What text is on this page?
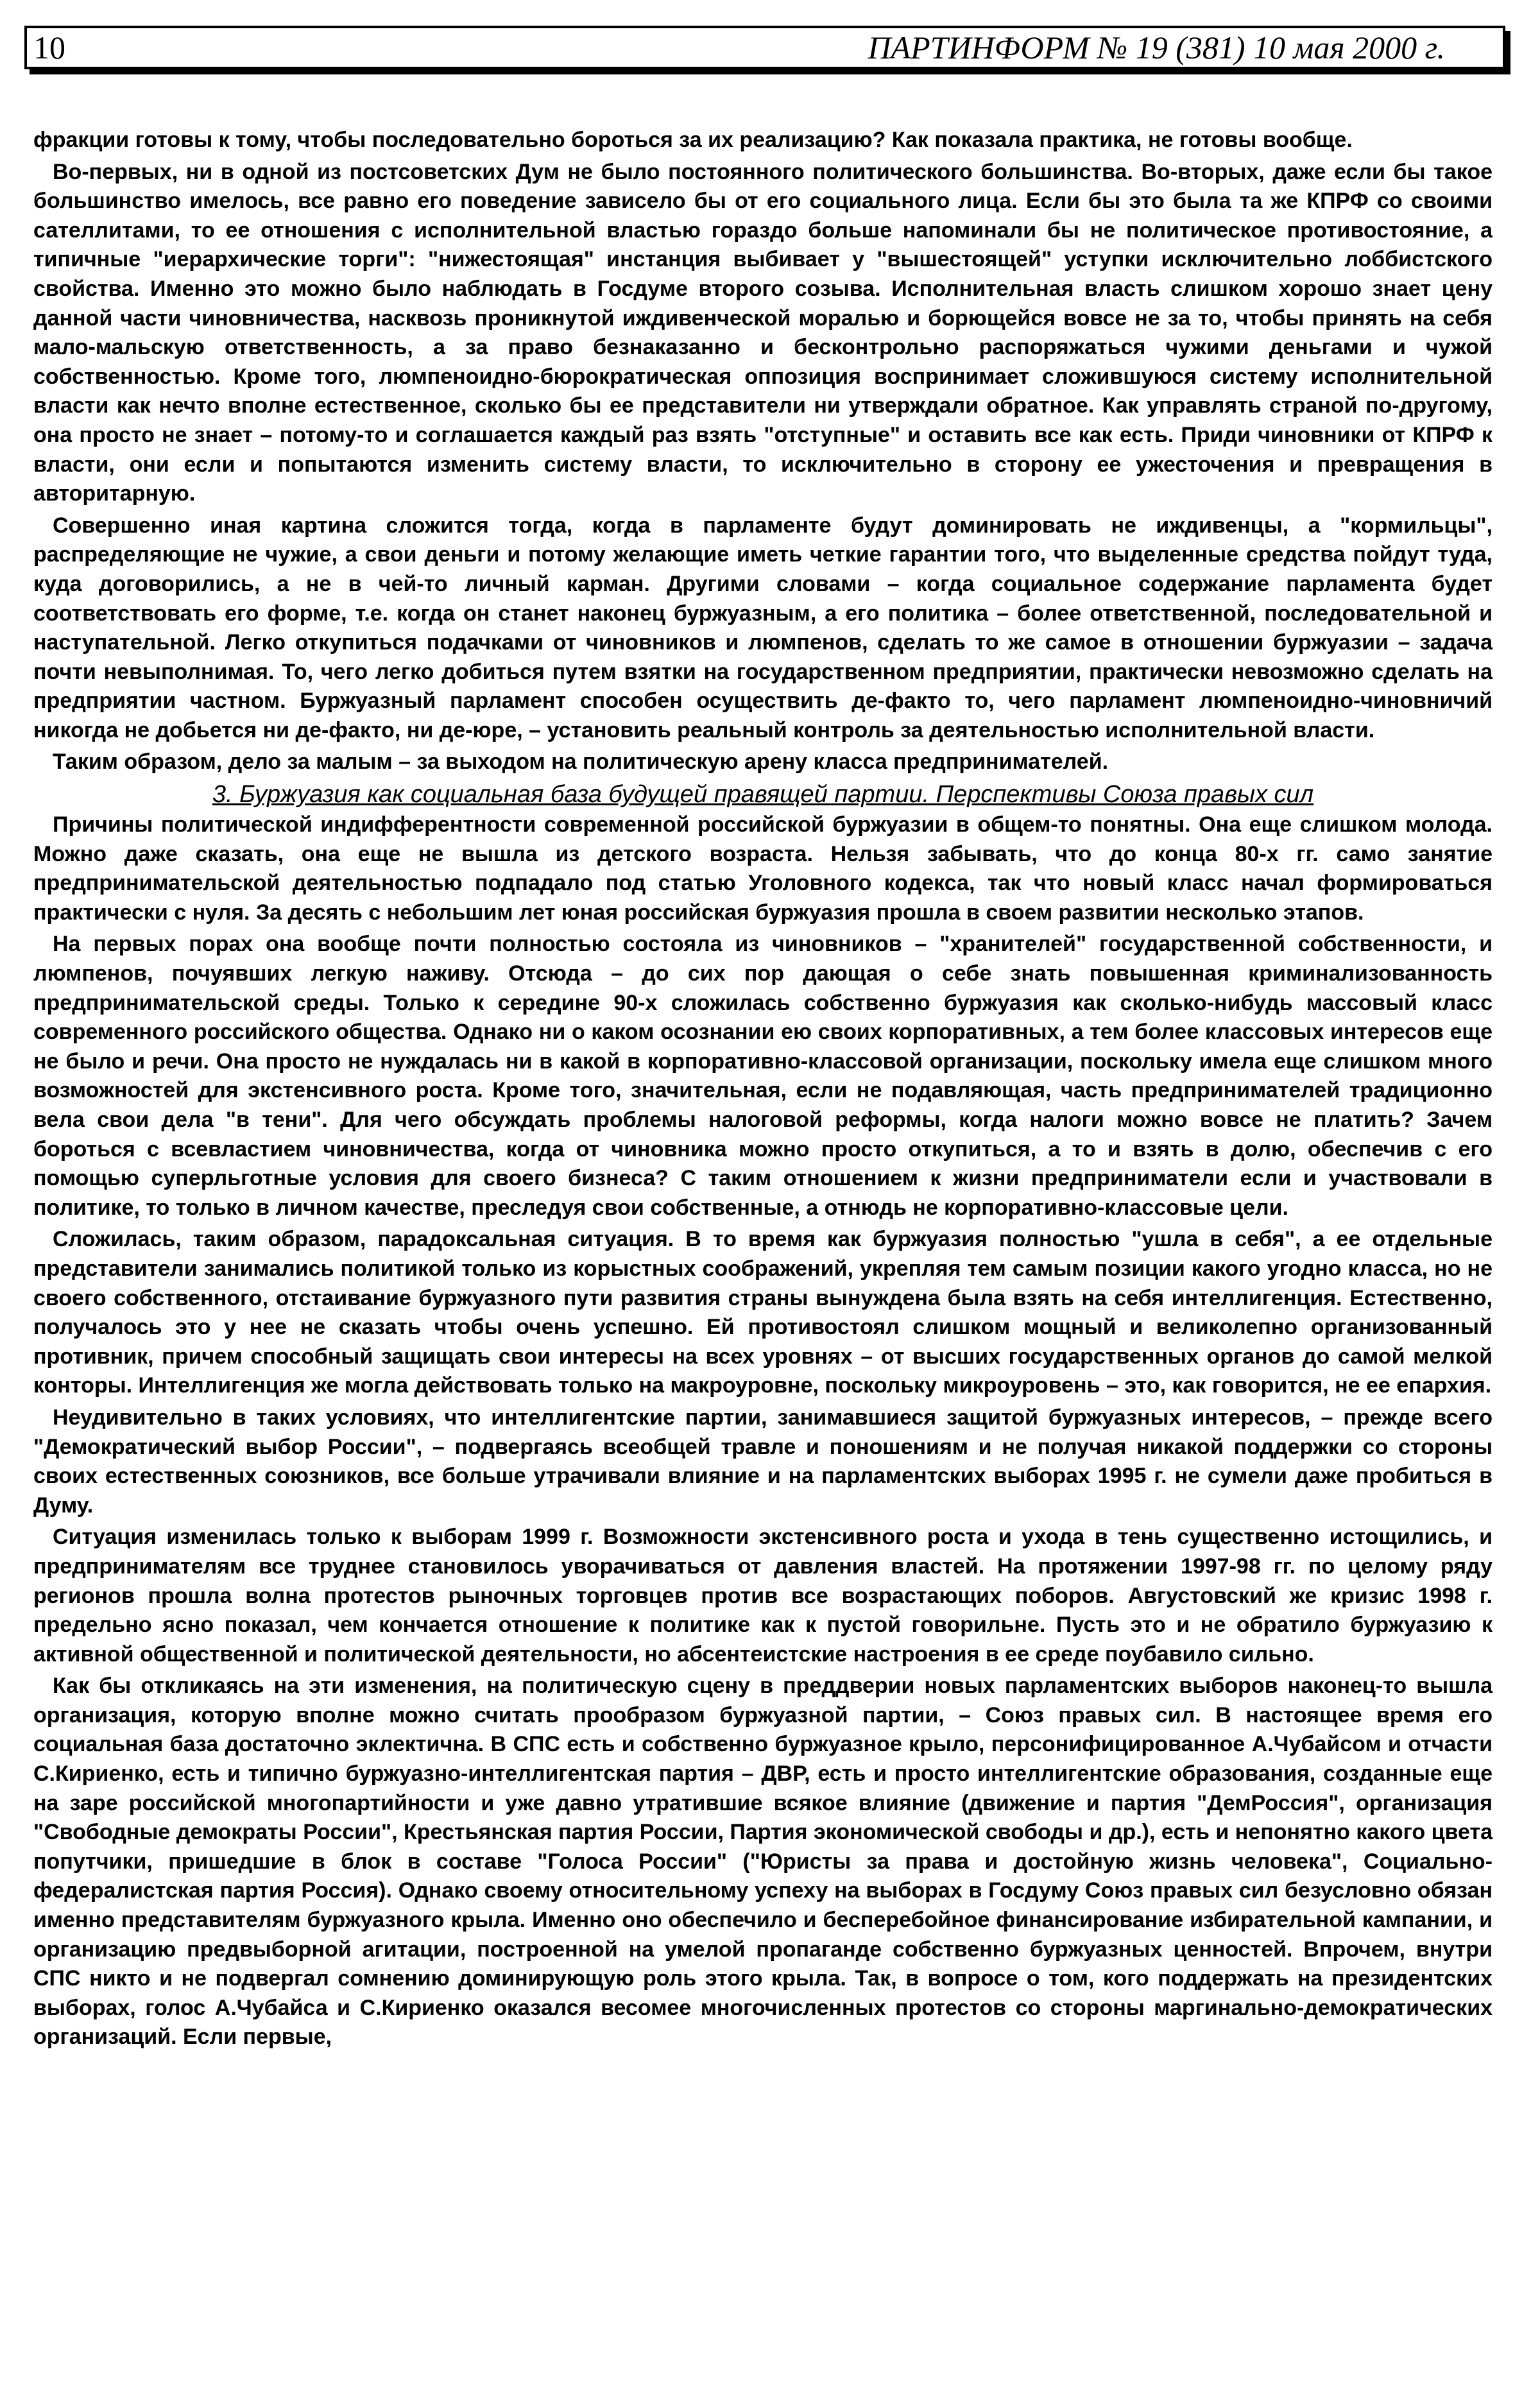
10	ПАРТИНФОРМ № 19 (381) 10 мая 2000 г.

фракции готовы к тому, чтобы последовательно бороться за их реализацию? Как показала практика, не готовы вообще.

Во-первых, ни в одной из постсоветских Дум не было постоянного политического большинства. Во-вторых, даже если бы такое большинство имелось, все равно его поведение зависело бы от его социального лица. Если бы это была та же КПРФ со своими сателлитами, то ее отношения с исполнительной властью гораздо больше напоминали бы не политическое противостояние, а типичные "иерархические торги": "нижестоящая" инстанция выбивает у "вышестоящей" уступки исключительно лоббистского свойства. Именно это можно было наблюдать в Госдуме второго созыва. Исполнительная власть слишком хорошо знает цену данной части чиновничества, насквозь проникнутой иждивенческой моралью и борющейся вовсе не за то, чтобы принять на себя мало-мальскую ответственность, а за право безнаказанно и бесконтрольно распоряжаться чужими деньгами и чужой собственностью. Кроме того, люмпеноидно-бюрократическая оппозиция воспринимает сложившуюся систему исполнительной власти как нечто вполне естественное, сколько бы ее представители ни утверждали обратное. Как управлять страной по-другому, она просто не знает – потому-то и соглашается каждый раз взять "отступные" и оставить все как есть. Приди чиновники от КПРФ к власти, они если и попытаются изменить систему власти, то исключительно в сторону ее ужесточения и превращения в авторитарную.

Совершенно иная картина сложится тогда, когда в парламенте будут доминировать не иждивенцы, а "кормильцы", распределяющие не чужие, а свои деньги и потому желающие иметь четкие гарантии того, что выделенные средства пойдут туда, куда договорились, а не в чей-то личный карман. Другими словами – когда социальное содержание парламента будет соответствовать его форме, т.е. когда он станет наконец буржуазным, а его политика – более ответственной, последовательной и наступательной. Легко откупиться подачками от чиновников и люмпенов, сделать то же самое в отношении буржуазии – задача почти невыполнимая. То, чего легко добиться путем взятки на государственном предприятии, практически невозможно сделать на предприятии частном. Буржуазный парламент способен осуществить де-факто то, чего парламент люмпеноидно-чиновничий никогда не добьется ни де-факто, ни де-юре, – установить реальный контроль за деятельностью исполнительной власти.

Таким образом, дело за малым – за выходом на политическую арену класса предпринимателей.

3. Буржуазия как социальная база будущей правящей партии. Перспективы Союза правых сил

Причины политической индифферентности современной российской буржуазии в общем-то понятны. Она еще слишком молода. Можно даже сказать, она еще не вышла из детского возраста. Нельзя забывать, что до конца 80-х гг. само занятие предпринимательской деятельностью подпадало под статью Уголовного кодекса, так что новый класс начал формироваться практически с нуля. За десять с небольшим лет юная российская буржуазия прошла в своем развитии несколько этапов.

На первых порах она вообще почти полностью состояла из чиновников – "хранителей" государственной собственности, и люмпенов, почуявших легкую наживу. Отсюда – до сих пор дающая о себе знать повышенная криминализованность предпринимательской среды. Только к середине 90-х сложилась собственно буржуазия как сколько-нибудь массовый класс современного российского общества. Однако ни о каком осознании ею своих корпоративных, а тем более классовых интересов еще не было и речи. Она просто не нуждалась ни в какой в корпоративно-классовой организации, поскольку имела еще слишком много возможностей для экстенсивного роста. Кроме того, значительная, если не подавляющая, часть предпринимателей традиционно вела свои дела "в тени". Для чего обсуждать проблемы налоговой реформы, когда налоги можно вовсе не платить? Зачем бороться с всевластием чиновничества, когда от чиновника можно просто откупиться, а то и взять в долю, обеспечив с его помощью суперльготные условия для своего бизнеса? С таким отношением к жизни предприниматели если и участвовали в политике, то только в личном качестве, преследуя свои собственные, а отнюдь не корпоративно-классовые цели.

Сложилась, таким образом, парадоксальная ситуация. В то время как буржуазия полностью "ушла в себя", а ее отдельные представители занимались политикой только из корыстных соображений, укрепляя тем самым позиции какого угодно класса, но не своего собственного, отстаивание буржуазного пути развития страны вынуждена была взять на себя интеллигенция. Естественно, получалось это у нее не сказать чтобы очень успешно. Ей противостоял слишком мощный и великолепно организованный противник, причем способный защищать свои интересы на всех уровнях – от высших государственных органов до самой мелкой конторы. Интеллигенция же могла действовать только на макроуровне, поскольку микроуровень – это, как говорится, не ее епархия.

Неудивительно в таких условиях, что интеллигентские партии, занимавшиеся защитой буржуазных интересов, – прежде всего "Демократический выбор России", – подвергаясь всеобщей травле и поношениям и не получая никакой поддержки со стороны своих естественных союзников, все больше утрачивали влияние и на парламентских выборах 1995 г. не сумели даже пробиться в Думу.

Ситуация изменилась только к выборам 1999 г. Возможности экстенсивного роста и ухода в тень существенно истощились, и предпринимателям все труднее становилось уворачиваться от давления властей. На протяжении 1997-98 гг. по целому ряду регионов прошла волна протестов рыночных торговцев против все возрастающих поборов. Августовский же кризис 1998 г. предельно ясно показал, чем кончается отношение к политике как к пустой говорильне. Пусть это и не обратило буржуазию к активной общественной и политической деятельности, но абсентеистские настроения в ее среде поубавило сильно.

Как бы откликаясь на эти изменения, на политическую сцену в преддверии новых парламентских выборов наконец-то вышла организация, которую вполне можно считать прообразом буржуазной партии, – Союз правых сил. В настоящее время его социальная база достаточно эклектична. В СПС есть и собственно буржуазное крыло, персонифицированное А.Чубайсом и отчасти С.Кириенко, есть и типично буржуазно-интеллигентская партия – ДВР, есть и просто интеллигентские образования, созданные еще на заре российской многопартийности и уже давно утратившие всякое влияние (движение и партия "ДемРоссия", организация "Свободные демократы России", Крестьянская партия России, Партия экономической свободы и др.), есть и непонятно какого цвета попутчики, пришедшие в блок в составе "Голоса России" ("Юристы за права и достойную жизнь человека", Социально-федералистская партия Россия). Однако своему относительному успеху на выборах в Госдуму Союз правых сил безусловно обязан именно представителям буржуазного крыла. Именно оно обеспечило и бесперебойное финансирование избирательной кампании, и организацию предвыборной агитации, построенной на умелой пропаганде собственно буржуазных ценностей. Впрочем, внутри СПС никто и не подвергал сомнению доминирующую роль этого крыла. Так, в вопросе о том, кого поддержать на президентских выборах, голос А.Чубайса и С.Кириенко оказался весомее многочисленных протестов со стороны маргинально-демократических организаций. Если первые,
